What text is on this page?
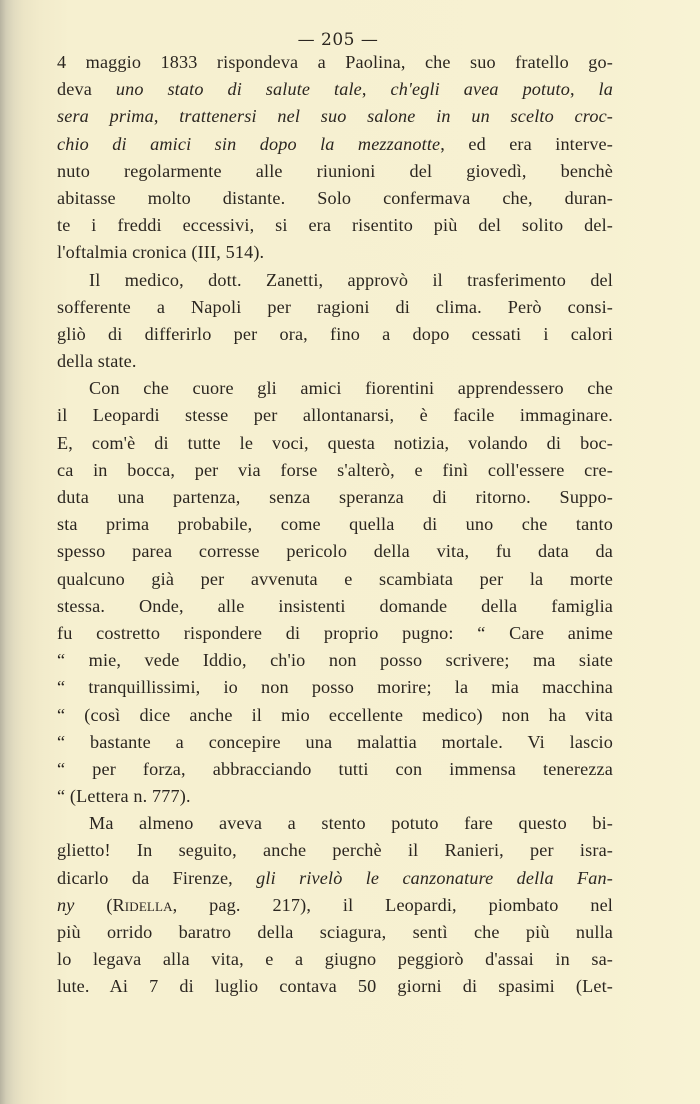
— 205 —
4 maggio 1833 rispondeva a Paolina, che suo fratello go-
deva uno stato di salute tale, ch'egli avea potuto, la
sera prima, trattenersi nel suo salone in un scelto croc-
chio di amici sin dopo la mezzanotte, ed era interve-
nuto regolarmente alle riunioni del giovedì, benchè
abitasse molto distante. Solo confermava che, duran-
te i freddi eccessivi, si era risentito più del solito del-
l'oftalmia cronica (III, 514).
Il medico, dott. Zanetti, approvò il trasferimento del
sofferente a Napoli per ragioni di clima. Però consi-
gliò di differirlo per ora, fino a dopo cessati i calori
della state.
Con che cuore gli amici fiorentini apprendessero che
il Leopardi stesse per allontanarsi, è facile immaginare.
E, com'è di tutte le voci, questa notizia, volando di boc-
ca in bocca, per via forse s'alterò, e finì coll'essere cre-
duta una partenza, senza speranza di ritorno. Suppo-
sta prima probabile, come quella di uno che tanto
spesso parea corresse pericolo della vita, fu data da
qualcuno già per avvenuta e scambiata per la morte
stessa. Onde, alle insistenti domande della famiglia
fu costretto rispondere di proprio pugno: “ Care anime
“ mie, vede Iddio, ch'io non posso scrivere; ma siate
“ tranquillissimi, io non posso morire; la mia macchina
“ (così dice anche il mio eccellente medico) non ha vita
“ bastante a concepire una malattia mortale. Vi lascio
“ per forza, abbracciando tutti con immensa tenerezza
“ (Lettera n. 777).
Ma almeno aveva a stento potuto fare questo bi-
glietto! In seguito, anche perchè il Ranieri, per isra-
dicarlo da Firenze, gli rivelò le canzonature della Fan-
ny (Ridella, pag. 217), il Leopardi, piombato nel
più orrido baratro della sciagura, sentì che più nulla
lo legava alla vita, e a giugno peggiorò d'assai in sa-
lute. Ai 7 di luglio contava 50 giorni di spasimi (Let-
